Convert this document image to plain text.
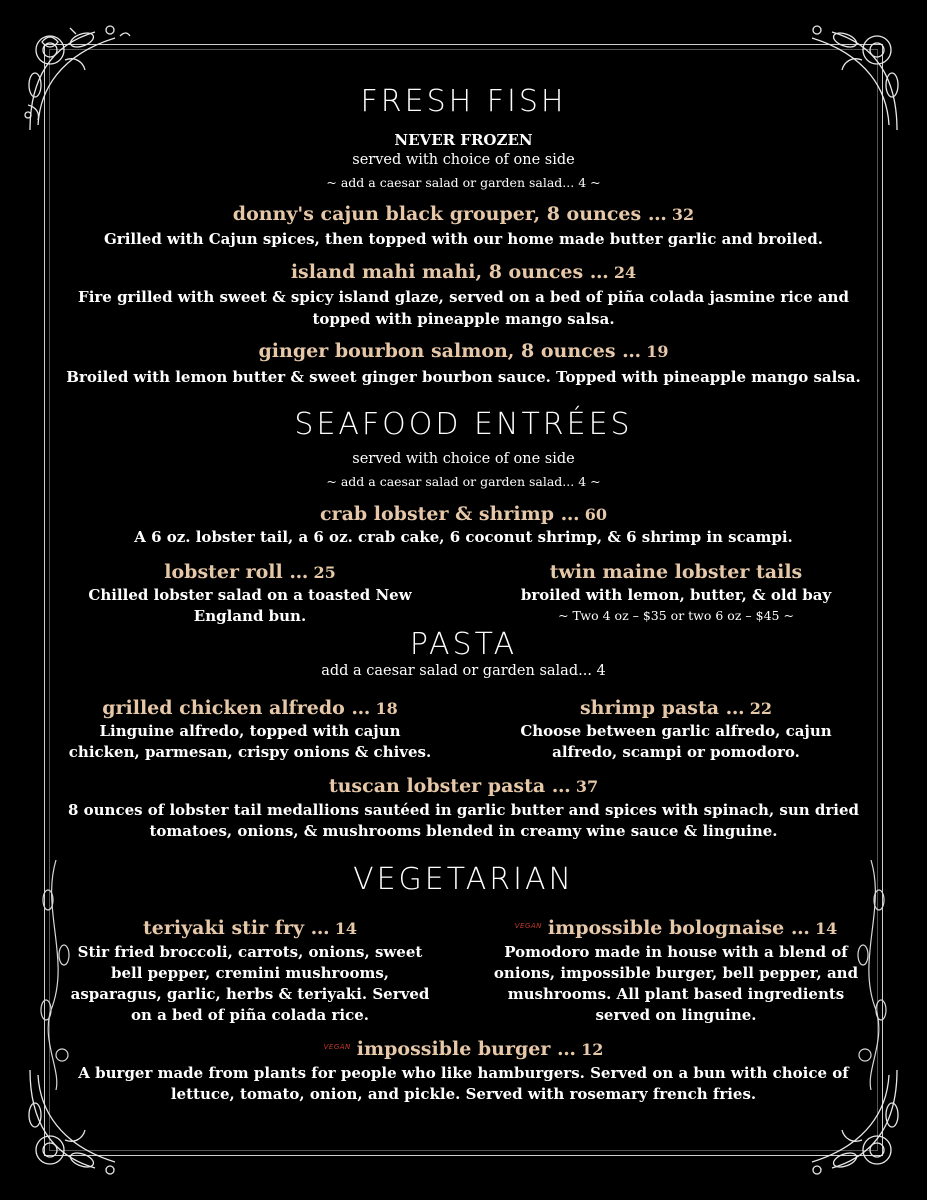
FRESH FISH
NEVER FROZEN
served with choice of one side
~ add a caesar salad or garden salad... 4 ~
donny's cajun black grouper, 8 ounces … 32
Grilled with Cajun spices, then topped with our home made butter garlic and broiled.
island mahi mahi, 8 ounces … 24
Fire grilled with sweet & spicy island glaze, served on a bed of piña colada jasmine rice and
topped with pineapple mango salsa.
ginger bourbon salmon, 8 ounces … 19
Broiled with lemon butter & sweet ginger bourbon sauce. Topped with pineapple mango salsa.
SEAFOOD ENTRÉES
served with choice of one side
~ add a caesar salad or garden salad... 4 ~
crab lobster & shrimp … 60
A 6 oz. lobster tail, a 6 oz. crab cake, 6 coconut shrimp, & 6 shrimp in scampi.
lobster roll … 25
Chilled lobster salad on a toasted New
England bun.
twin maine lobster tails
broiled with lemon, butter, & old bay
~ Two 4 oz – $35 or two 6 oz – $45 ~
PASTA
add a caesar salad or garden salad... 4
grilled chicken alfredo … 18
Linguine alfredo, topped with cajun
chicken, parmesan, crispy onions & chives.
shrimp pasta … 22
Choose between garlic alfredo, cajun
alfredo, scampi or pomodoro.
tuscan lobster pasta … 37
8 ounces of lobster tail medallions sautéed in garlic butter and spices with spinach, sun dried
tomatoes, onions, & mushrooms blended in creamy wine sauce & linguine.
VEGETARIAN
teriyaki stir fry … 14
Stir fried broccoli, carrots, onions, sweet
bell pepper, cremini mushrooms,
asparagus, garlic, herbs & teriyaki. Served
on a bed of piña colada rice.
$^{VEGAN}$ impossible bolognaise … 14
Pomodoro made in house with a blend of
onions, impossible burger, bell pepper, and
mushrooms. All plant based ingredients
served on linguine.
$^{VEGAN}$ impossible burger … 12
A burger made from plants for people who like hamburgers. Served on a bun with choice of
lettuce, tomato, onion, and pickle. Served with rosemary french fries.
